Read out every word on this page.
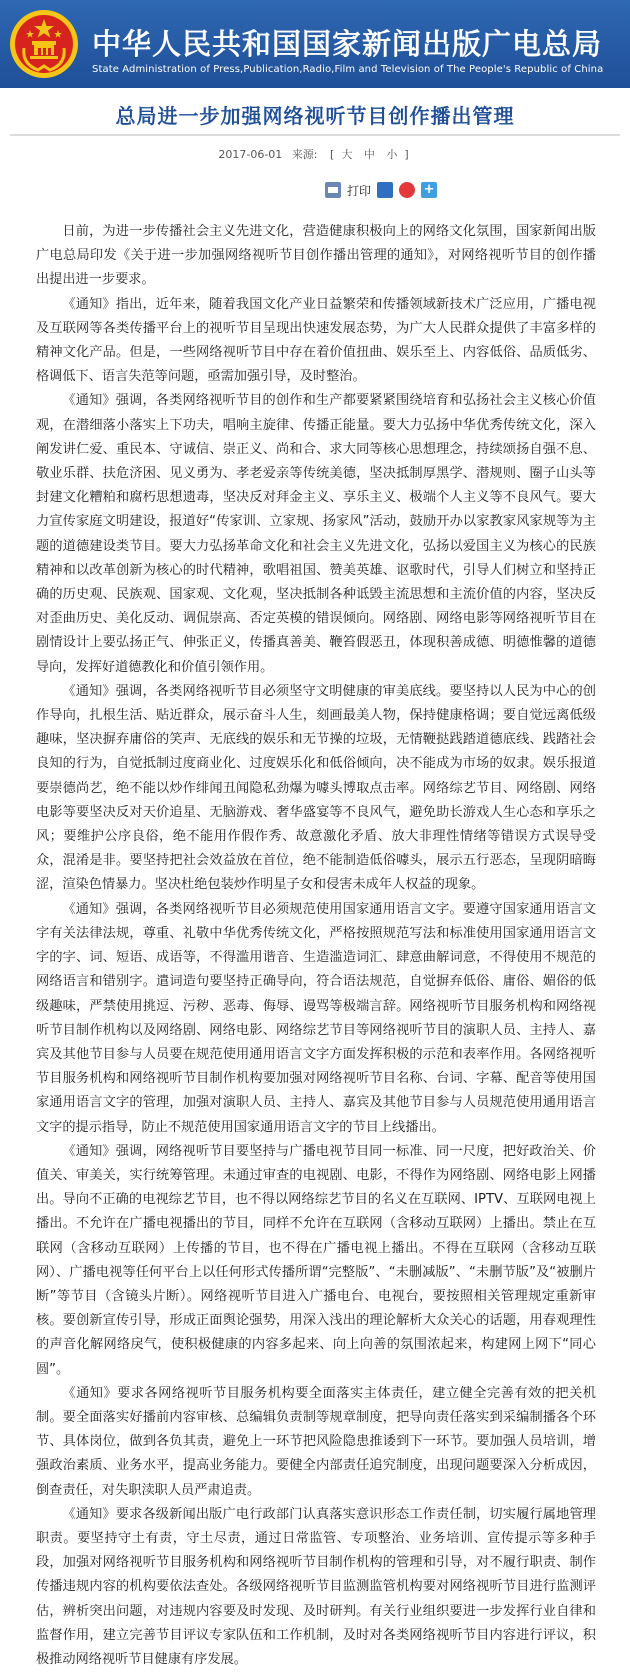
中华人民共和国国家新闻出版广电总局
State Administration of Press,Publication,Radio,Film and Television of The People's Republic of China
总局进一步加强网络视听节目创作播出管理
2017-06-01 来源: [ 大 中 小 ]
打印	+

日前，为进一步传播社会主义先进文化，营造健康积极向上的网络文化氛围，国家新闻出版广电总局印发《关于进一步加强网络视听节目创作播出管理的通知》，对网络视听节目的创作播出提出进一步要求。

《通知》指出，近年来，随着我国文化产业日益繁荣和传播领域新技术广泛应用，广播电视及互联网等各类传播平台上的视听节目呈现出快速发展态势，为广大人民群众提供了丰富多样的精神文化产品。但是，一些网络视听节目中存在着价值扭曲、娱乐至上、内容低俗、品质低劣、格调低下、语言失范等问题，亟需加强引导，及时整治。

《通知》强调，各类网络视听节目的创作和生产都要紧紧围绕培育和弘扬社会主义核心价值观，在潜细落小落实上下功夫，唱响主旋律、传播正能量。要大力弘扬中华优秀传统文化，深入阐发讲仁爱、重民本、守诚信、崇正义、尚和合、求大同等核心思想理念，持续颂扬自强不息、敬业乐群、扶危济困、见义勇为、孝老爱亲等传统美德，坚决抵制厚黑学、潜规则、圈子山头等封建文化糟粕和腐朽思想遗毒，坚决反对拜金主义、享乐主义、极端个人主义等不良风气。要大力宣传家庭文明建设，报道好“传家训、立家规、扬家风”活动，鼓励开办以家教家风家规等为主题的道德建设类节目。要大力弘扬革命文化和社会主义先进文化，弘扬以爱国主义为核心的民族精神和以改革创新为核心的时代精神，歌唱祖国、赞美英雄、讴歌时代，引导人们树立和坚持正确的历史观、民族观、国家观、文化观，坚决抵制各种诋毁主流思想和主流价值的内容，坚决反对歪曲历史、美化反动、调侃崇高、否定英模的错误倾向。网络剧、网络电影等网络视听节目在剧情设计上要弘扬正气、伸张正义，传播真善美、鞭笞假恶丑，体现积善成德、明德惟馨的道德导向，发挥好道德教化和价值引领作用。

《通知》强调，各类网络视听节目必须坚守文明健康的审美底线。要坚持以人民为中心的创作导向，扎根生活、贴近群众，展示奋斗人生，刻画最美人物，保持健康格调；要自觉远离低级趣味，坚决摒弃庸俗的笑声、无底线的娱乐和无节操的垃圾，无情鞭挞践踏道德底线、践踏社会良知的行为，自觉抵制过度商业化、过度娱乐化和低俗倾向，决不能成为市场的奴隶。娱乐报道要崇德尚艺，绝不能以炒作绯闻丑闻隐私劲爆为噱头博取点击率。网络综艺节目、网络剧、网络电影等要坚决反对天价追星、无脑游戏、奢华盛宴等不良风气，避免助长游戏人生心态和享乐之风；要维护公序良俗，绝不能用作假作秀、故意激化矛盾、放大非理性情绪等错误方式误导受众，混淆是非。要坚持把社会效益放在首位，绝不能制造低俗噱头，展示五行恶态，呈现阴暗晦涩，渲染色情暴力。坚决杜绝包装炒作明星子女和侵害未成年人权益的现象。

《通知》强调，各类网络视听节目必须规范使用国家通用语言文字。要遵守国家通用语言文字有关法律法规，尊重、礼敬中华优秀传统文化，严格按照规范写法和标准使用国家通用语言文字的字、词、短语、成语等，不得滥用谐音、生造滥造词汇、肆意曲解词意，不得使用不规范的网络语言和错别字。遣词造句要坚持正确导向，符合语法规范，自觉摒弃低俗、庸俗、媚俗的低级趣味，严禁使用挑逗、污秽、恶毒、侮辱、谩骂等极端言辞。网络视听节目服务机构和网络视听节目制作机构以及网络剧、网络电影、网络综艺节目等网络视听节目的演职人员、主持人、嘉宾及其他节目参与人员要在规范使用通用语言文字方面发挥积极的示范和表率作用。各网络视听节目服务机构和网络视听节目制作机构要加强对网络视听节目名称、台词、字幕、配音等使用国家通用语言文字的管理，加强对演职人员、主持人、嘉宾及其他节目参与人员规范使用通用语言文字的提示指导，防止不规范使用国家通用语言文字的节目上线播出。

《通知》强调，网络视听节目要坚持与广播电视节目同一标准、同一尺度，把好政治关、价值关、审美关，实行统筹管理。未通过审查的电视剧、电影，不得作为网络剧、网络电影上网播出。导向不正确的电视综艺节目，也不得以网络综艺节目的名义在互联网、IPTV、互联网电视上播出。不允许在广播电视播出的节目，同样不允许在互联网（含移动互联网）上播出。禁止在互联网（含移动互联网）上传播的节目，也不得在广播电视上播出。不得在互联网（含移动互联网）、广播电视等任何平台上以任何形式传播所谓“完整版”、“未删减版”、“未删节版”及“被删片断”等节目（含镜头片断）。网络视听节目进入广播电台、电视台，要按照相关管理规定重新审核。要创新宣传引导，形成正面舆论强势，用深入浅出的理论解析大众关心的话题，用春观理性的声音化解网络戾气，使积极健康的内容多起来、向上向善的氛围浓起来，构建网上网下“同心圆”。

《通知》要求各网络视听节目服务机构要全面落实主体责任，建立健全完善有效的把关机制。要全面落实好播前内容审核、总编辑负责制等规章制度，把导向责任落实到采编制播各个环节、具体岗位，做到各负其责，避免上一环节把风险隐患推诿到下一环节。要加强人员培训，增强政治素质、业务水平，提高业务能力。要健全内部责任追究制度，出现问题要深入分析成因，倒查责任，对失职渎职人员严肃追责。

《通知》要求各级新闻出版广电行政部门认真落实意识形态工作责任制，切实履行属地管理职责。要坚持守土有责，守土尽责，通过日常监管、专项整治、业务培训、宣传提示等多种手段，加强对网络视听节目服务机构和网络视听节目制作机构的管理和引导，对不履行职责、制作传播违规内容的机构要依法查处。各级网络视听节目监测监管机构要对网络视听节目进行监测评估，辨析突出问题，对违规内容要及时发现、及时研判。有关行业组织要进一步发挥行业自律和监督作用，建立完善节目评议专家队伍和工作机制，及时对各类网络视听节目内容进行评议，积极推动网络视听节目健康有序发展。
